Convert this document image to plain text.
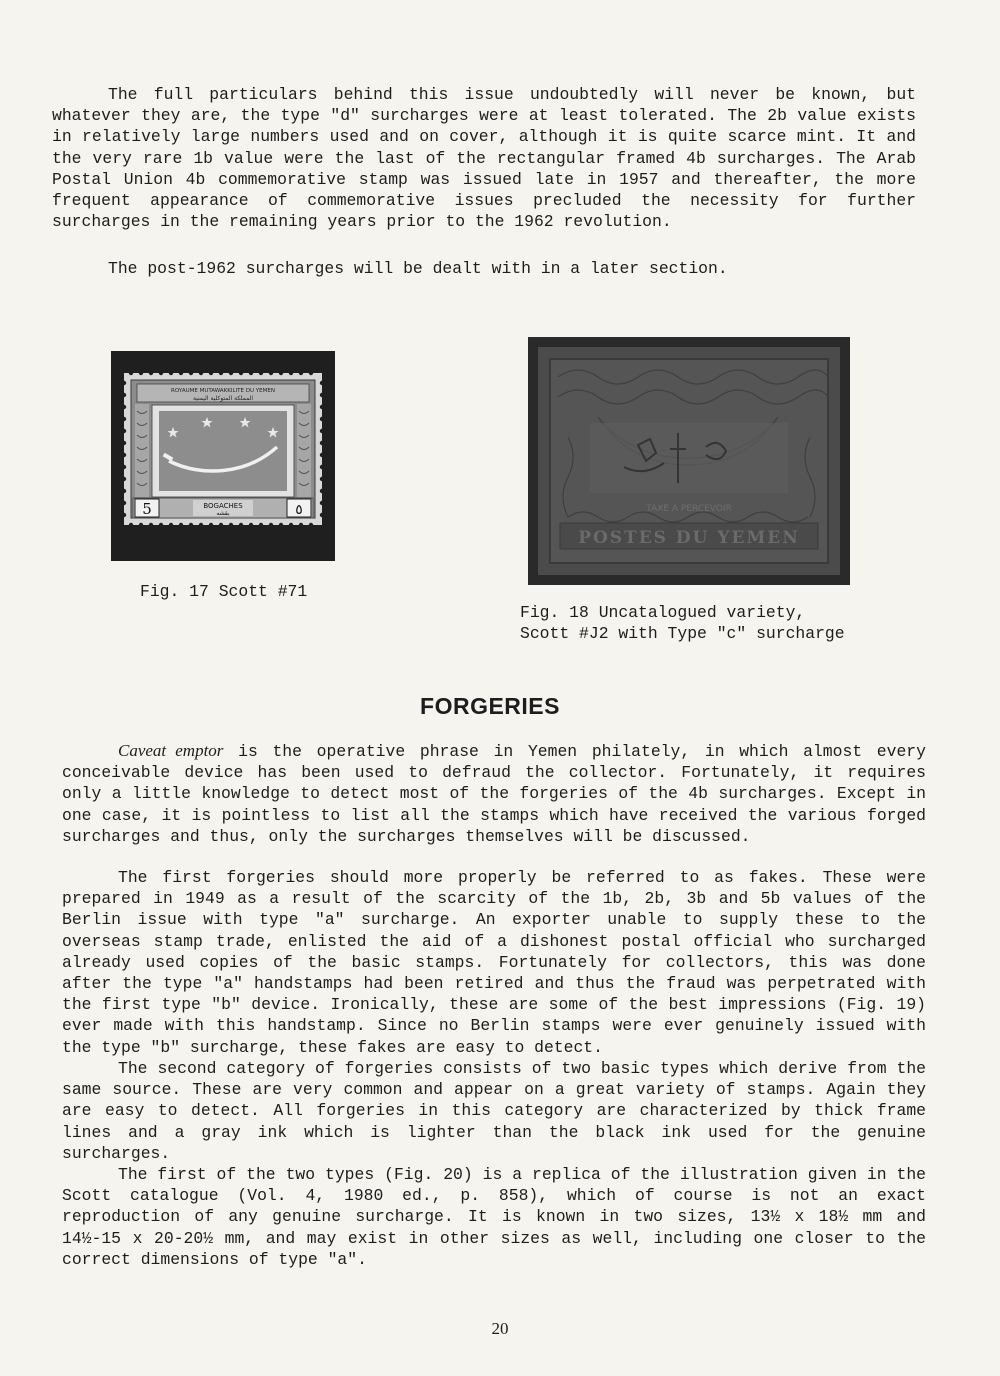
The full particulars behind this issue undoubtedly will never be known, but whatever they are, the type "d" surcharges were at least tolerated. The 2b value exists in relatively large numbers used and on cover, although it is quite scarce mint. It and the very rare 1b value were the last of the rectangular framed 4b surcharges. The Arab Postal Union 4b commemorative stamp was issued late in 1957 and thereafter, the more frequent appearance of commemorative issues precluded the necessity for further surcharges in the remaining years prior to the 1962 revolution.

The post-1962 surcharges will be dealt with in a later section.

ROYAUME MUTAWAKKILITE DU YEMEN
المملكة المتوكلية اليمنية
5	٥
BOGACHES
بقشه

Fig. 17 Scott #71

TAXE A PERCEVOIR
POSTES DU YEMEN

Fig. 18 Uncatalogued variety,
Scott #J2 with Type "c" surcharge

FORGERIES

Caveat emptor is the operative phrase in Yemen philately, in which almost every conceivable device has been used to defraud the collector. Fortunately, it requires only a little knowledge to detect most of the forgeries of the 4b surcharges. Except in one case, it is pointless to list all the stamps which have received the various forged surcharges and thus, only the surcharges themselves will be discussed.

The first forgeries should more properly be referred to as fakes. These were prepared in 1949 as a result of the scarcity of the 1b, 2b, 3b and 5b values of the Berlin issue with type "a" surcharge. An exporter unable to supply these to the overseas stamp trade, enlisted the aid of a dishonest postal official who surcharged already used copies of the basic stamps. Fortunately for collectors, this was done after the type "a" handstamps had been retired and thus the fraud was perpetrated with the first type "b" device. Ironically, these are some of the best impressions (Fig. 19) ever made with this handstamp. Since no Berlin stamps were ever genuinely issued with the type "b" surcharge, these fakes are easy to detect.

The second category of forgeries consists of two basic types which derive from the same source. These are very common and appear on a great variety of stamps. Again they are easy to detect. All forgeries in this category are characterized by thick frame lines and a gray ink which is lighter than the black ink used for the genuine surcharges.

The first of the two types (Fig. 20) is a replica of the illustration given in the Scott catalogue (Vol. 4, 1980 ed., p. 858), which of course is not an exact reproduction of any genuine surcharge. It is known in two sizes, 13½ x 18½ mm and 14½-15 x 20-20½ mm, and may exist in other sizes as well, including one closer to the correct dimensions of type "a".

20
